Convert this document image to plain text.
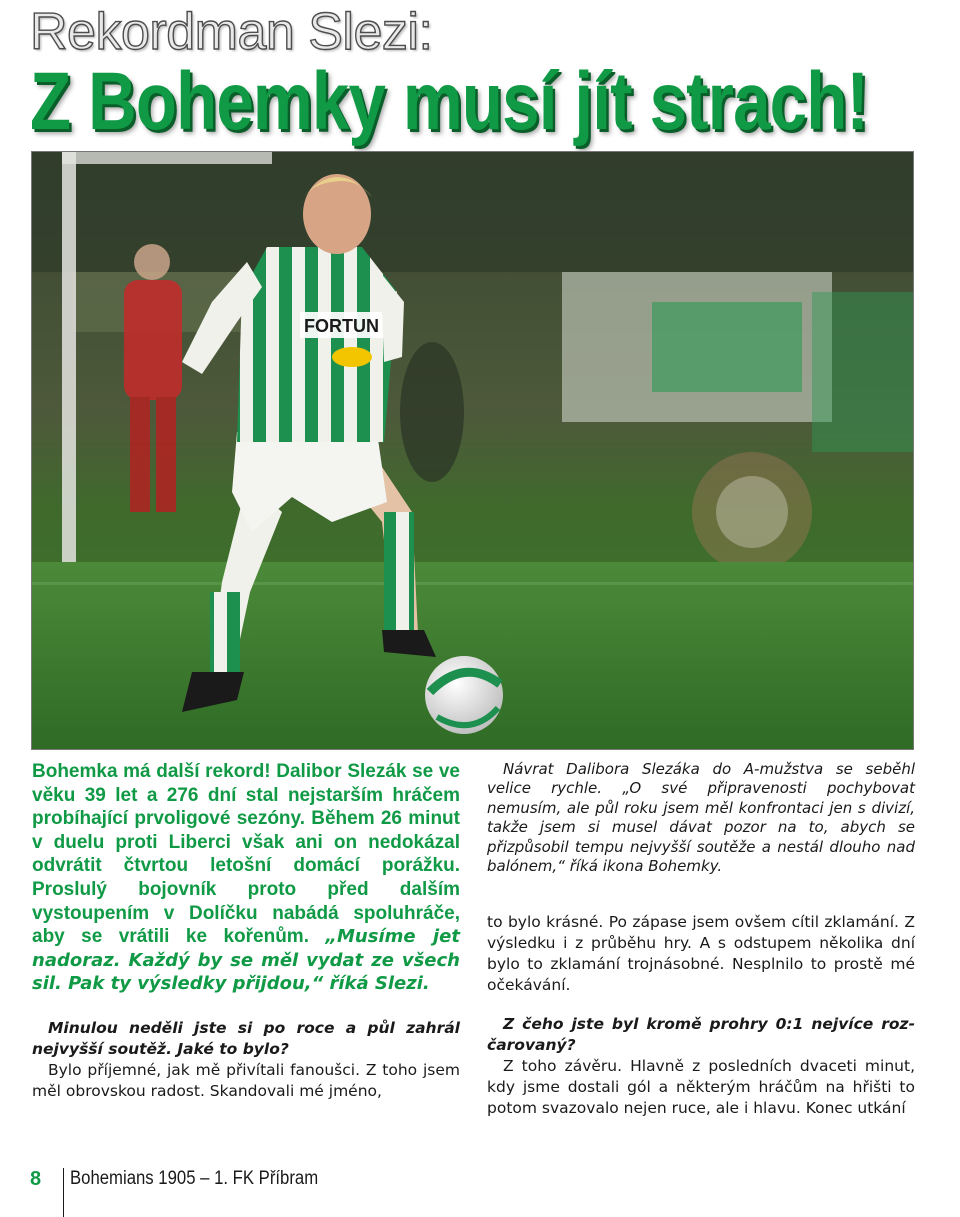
Rekordman Slezi:
Z Bohemky musí jít strach!
FORTUN

Bohemka má další rekord! Dalibor Slezák se ve věku 39 let a 276 dní stal nejstarším hráčem probíhající prvoligové sezóny. Během 26 minut v duelu proti Liberci však ani on nedokázal odvrátit čtvrtou letošní domácí porážku. Proslulý bojovník proto před dalším vystoupením v Dolíčku nabádá spoluhráče, aby se vrátili ke kořenům. „Musíme jet nadoraz. Každý by se měl vydat ze všech sil. Pak ty výsledky přijdou,“ říká Slezi.

Minulou neděli jste si po roce a půl zahrál nejvyšší soutěž. Jaké to bylo?

Bylo příjemné, jak mě přivítali fanoušci. Z toho jsem měl obrovskou radost. Skandovali mé jméno,

Návrat Dalibora Slezáka do A-mužstva se seběhl velice rychle. „O své připravenosti pochybovat nemusím, ale půl roku jsem měl konfrontaci jen s divizí, takže jsem si musel dávat pozor na to, abych se přizpůsobil tempu nejvyšší soutěže a nestál dlouho nad balónem,“ říká ikona Bohemky.

to bylo krásné. Po zápase jsem ovšem cítil zklamání. Z výsledku i z průběhu hry. A s odstupem několika dní bylo to zklamání trojnásobné. Nesplnilo to prostě mé očekávání.

Z čeho jste byl kromě prohry 0:1 nejvíce rozčarovaný?

Z toho závěru. Hlavně z posledních dvaceti minut, kdy jsme dostali gól a některým hráčům na hřišti to potom svazovalo nejen ruce, ale i hlavu. Konec utkání

8 Bohemians 1905 – 1. FK Příbram
